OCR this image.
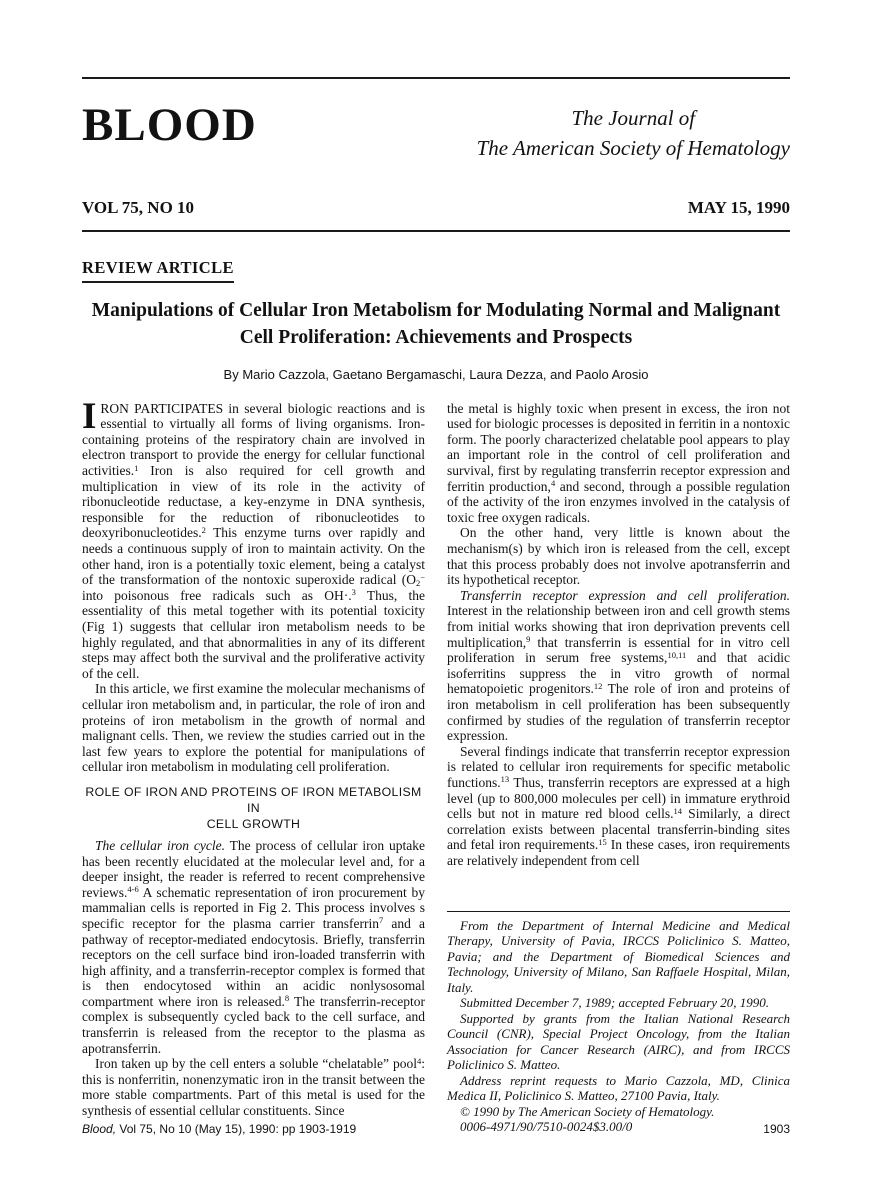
BLOOD	The Journal of
The American Society of Hematology
VOL 75, NO 10	MAY 15, 1990
REVIEW ARTICLE
Manipulations of Cellular Iron Metabolism for Modulating Normal and Malignant
Cell Proliferation: Achievements and Prospects
By Mario Cazzola, Gaetano Bergamaschi, Laura Dezza, and Paolo Arosio

IRON PARTICIPATES in several biologic reactions and is essential to virtually all forms of living organisms. Iron-containing proteins of the respiratory chain are involved in electron transport to provide the energy for cellular functional activities.$^1$ Iron is also required for cell growth and multiplication in view of its role in the activity of ribonucleotide reductase, a key-enzyme in DNA synthesis, responsible for the reduction of ribonucleotides to deoxyribonucleotides.$^2$ This enzyme turns over rapidly and needs a continuous supply of iron to maintain activity. On the other hand, iron is a potentially toxic element, being a catalyst of the transformation of the nontoxic superoxide radical ($O_2^-$ into poisonous free radicals such as OH·.$^3$ Thus, the essentiality of this metal together with its potential toxicity (Fig 1) suggests that cellular iron metabolism needs to be highly regulated, and that abnormalities in any of its different steps may affect both the survival and the proliferative activity of the cell.

In this article, we first examine the molecular mechanisms of cellular iron metabolism and, in particular, the role of iron and proteins of iron metabolism in the growth of normal and malignant cells. Then, we review the studies carried out in the last few years to explore the potential for manipulations of cellular iron metabolism in modulating cell proliferation.

ROLE OF IRON AND PROTEINS OF IRON METABOLISM IN
CELL GROWTH

The cellular iron cycle. The process of cellular iron uptake has been recently elucidated at the molecular level and, for a deeper insight, the reader is referred to recent comprehensive reviews.$^{4-6}$ A schematic representation of iron procurement by mammalian cells is reported in Fig 2. This process involves s specific receptor for the plasma carrier transferrin$^7$ and a pathway of receptor-mediated endocytosis. Briefly, transferrin receptors on the cell surface bind iron-loaded transferrin with high affinity, and a transferrin-receptor complex is formed that is then endocytosed within an acidic nonlysosomal compartment where iron is released.$^8$ The transferrin-receptor complex is subsequently cycled back to the cell surface, and transferrin is released from the receptor to the plasma as apotransferrin.

Iron taken up by the cell enters a soluble “chelatable” pool$^4$: this is nonferritin, nonenzymatic iron in the transit between the more stable compartments. Part of this metal is used for the synthesis of essential cellular constituents. Since

the metal is highly toxic when present in excess, the iron not used for biologic processes is deposited in ferritin in a nontoxic form. The poorly characterized chelatable pool appears to play an important role in the control of cell proliferation and survival, first by regulating transferrin receptor expression and ferritin production,$^4$ and second, through a possible regulation of the activity of the iron enzymes involved in the catalysis of toxic free oxygen radicals.

On the other hand, very little is known about the mechanism(s) by which iron is released from the cell, except that this process probably does not involve apotransferrin and its hypothetical receptor.

Transferrin receptor expression and cell proliferation. Interest in the relationship between iron and cell growth stems from initial works showing that iron deprivation prevents cell multiplication,$^9$ that transferrin is essential for in vitro cell proliferation in serum free systems,$^{10,11}$ and that acidic isoferritins suppress the in vitro growth of normal hematopoietic progenitors.$^{12}$ The role of iron and proteins of iron metabolism in cell proliferation has been subsequently confirmed by studies of the regulation of transferrin receptor expression.

Several findings indicate that transferrin receptor expression is related to cellular iron requirements for specific metabolic functions.$^{13}$ Thus, transferrin receptors are expressed at a high level (up to 800,000 molecules per cell) in immature erythroid cells but not in mature red blood cells.$^{14}$ Similarly, a direct correlation exists between placental transferrin-binding sites and fetal iron requirements.$^{15}$ In these cases, iron requirements are relatively independent from cell

From the Department of Internal Medicine and Medical Therapy, University of Pavia, IRCCS Policlinico S. Matteo, Pavia; and the Department of Biomedical Sciences and Technology, University of Milano, San Raffaele Hospital, Milan, Italy.

Submitted December 7, 1989; accepted February 20, 1990.

Supported by grants from the Italian National Research Council (CNR), Special Project Oncology, from the Italian Association for Cancer Research (AIRC), and from IRCCS Policlinico S. Matteo.

Address reprint requests to Mario Cazzola, MD, Clinica Medica II, Policlinico S. Matteo, 27100 Pavia, Italy.

© 1990 by The American Society of Hematology.

0006-4971/90/7510-0024$3.00/0

Blood, Vol 75, No 10 (May 15), 1990: pp 1903-1919	1903
